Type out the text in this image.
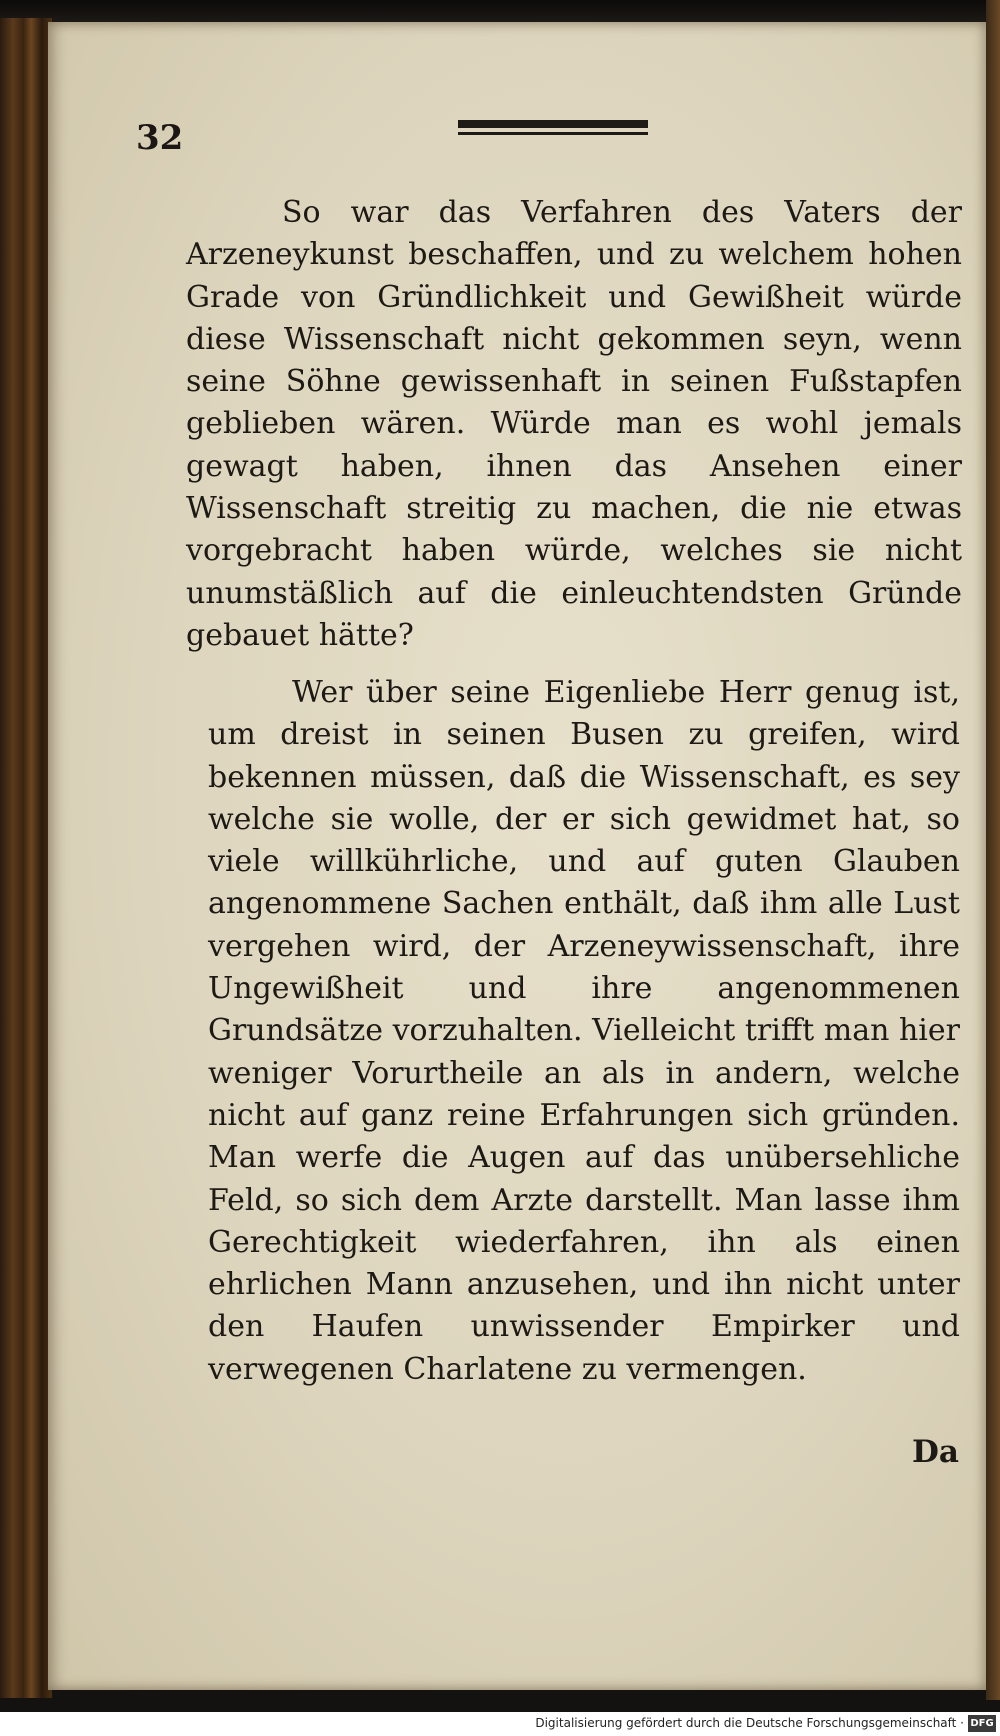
32

So war das Verfahren des Vaters der Arzeneykunst beschaffen, und zu welchem hohen Grade von Gründlichkeit und Gewißheit würde diese Wissenschaft nicht gekommen seyn, wenn seine Söhne gewissenhaft in seinen Fußstapfen geblieben wären. Würde man es wohl jemals gewagt haben, ihnen das Ansehen einer Wissenschaft streitig zu machen, die nie etwas vorgebracht haben würde, welches sie nicht unumstäßlich auf die einleuchtendsten Gründe gebauet hätte?

Wer über seine Eigenliebe Herr genug ist, um dreist in seinen Busen zu greifen, wird bekennen müssen, daß die Wissenschaft, es sey welche sie wolle, der er sich gewidmet hat, so viele willkührliche, und auf guten Glauben angenommene Sachen enthält, daß ihm alle Lust vergehen wird, der Arzeneywissenschaft, ihre Ungewißheit und ihre angenommenen Grundsätze vorzuhalten. Vielleicht trifft man hier weniger Vorurtheile an als in andern, welche nicht auf ganz reine Erfahrungen sich gründen. Man werfe die Augen auf das unübersehliche Feld, so sich dem Arzte darstellt. Man lasse ihm Gerechtigkeit wiederfahren, ihn als einen ehrlichen Mann anzusehen, und ihn nicht unter den Haufen unwissender Empirker und verwegenen Charlatene zu vermengen.

Da
Digitalisierung gefördert durch die Deutsche Forschungsgemeinschaft · DFG
